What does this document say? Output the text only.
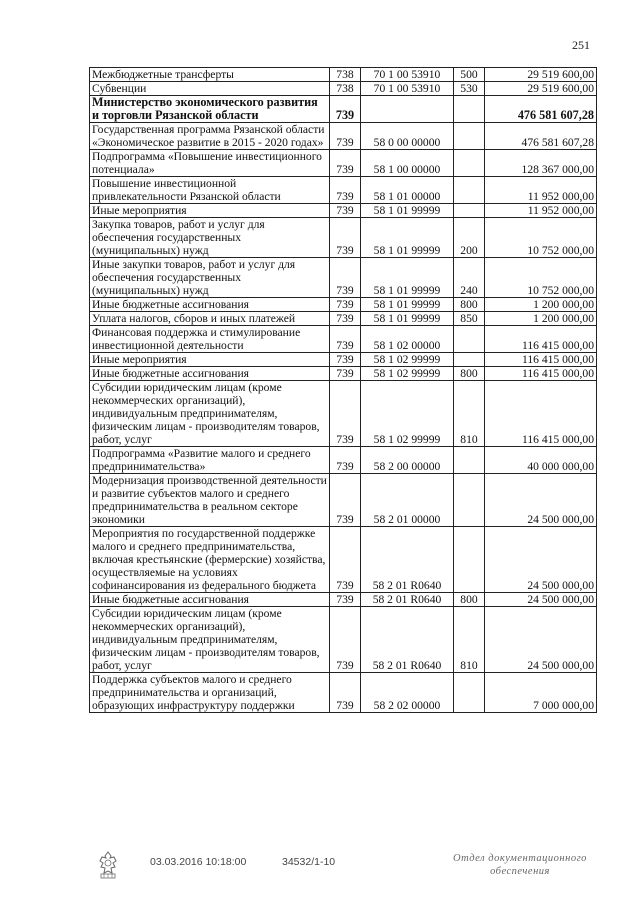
251
Межбюджетные трансферты	738	70 1 00 53910	500	29 519 600,00
Субвенции	738	70 1 00 53910	530	29 519 600,00
Министерство экономического развития и торговли Рязанской области	739			476 581 607,28
Государственная программа Рязанской области «Экономическое развитие в 2015 - 2020 годах»	739	58 0 00 00000		476 581 607,28
Подпрограмма «Повышение инвестиционного потенциала»	739	58 1 00 00000		128 367 000,00
Повышение инвестиционной привлекательности Рязанской области	739	58 1 01 00000		11 952 000,00
Иные мероприятия	739	58 1 01 99999		11 952 000,00
Закупка товаров, работ и услуг для обеспечения государственных (муниципальных) нужд	739	58 1 01 99999	200	10 752 000,00
Иные закупки товаров, работ и услуг для обеспечения государственных (муниципальных) нужд	739	58 1 01 99999	240	10 752 000,00
Иные бюджетные ассигнования	739	58 1 01 99999	800	1 200 000,00
Уплата налогов, сборов и иных платежей	739	58 1 01 99999	850	1 200 000,00
Финансовая поддержка и стимулирование инвестиционной деятельности	739	58 1 02 00000		116 415 000,00
Иные мероприятия	739	58 1 02 99999		116 415 000,00
Иные бюджетные ассигнования	739	58 1 02 99999	800	116 415 000,00
Субсидии юридическим лицам (кроме некоммерческих организаций), индивидуальным предпринимателям, физическим лицам - производителям товаров, работ, услуг	739	58 1 02 99999	810	116 415 000,00
Подпрограмма «Развитие малого и среднего предпринимательства»	739	58 2 00 00000		40 000 000,00
Модернизация производственной деятельности и развитие субъектов малого и среднего предпринимательства в реальном секторе экономики	739	58 2 01 00000		24 500 000,00
Мероприятия по государственной поддержке малого и среднего предпринимательства, включая крестьянские (фермерские) хозяйства, осуществляемые на условиях софинансирования из федерального бюджета	739	58 2 01 R0640		24 500 000,00
Иные бюджетные ассигнования	739	58 2 01 R0640	800	24 500 000,00
Субсидии юридическим лицам (кроме некоммерческих организаций), индивидуальным предпринимателям, физическим лицам - производителям товаров, работ, услуг	739	58 2 01 R0640	810	24 500 000,00
Поддержка субъектов малого и среднего предпринимательства и организаций, образующих инфраструктуру поддержки	739	58 2 02 00000		7 000 000,00
03.03.2016 10:18:00	34532/1-10	Отдел документационного
обеспечения
